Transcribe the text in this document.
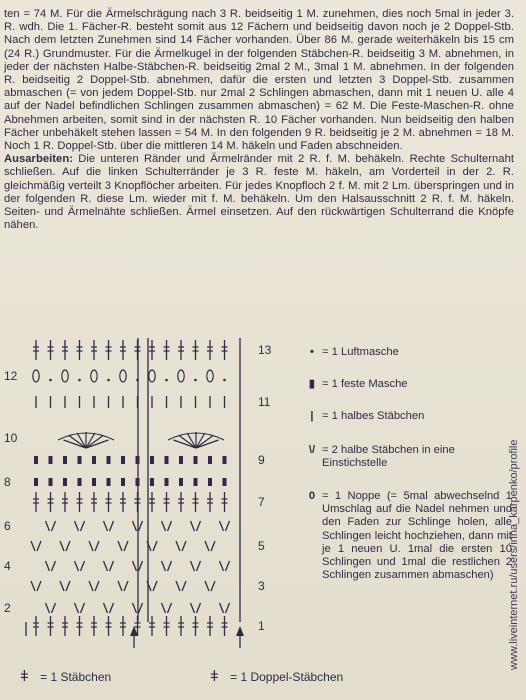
ten = 74 M. Für die Ärmelschrägung nach 3 R. beidseitig 1 M. zunehmen, dies noch 5mal in jeder 3. R. wdh. Die 1. Fächer-R. besteht somit aus 12 Fächern und beidseitig davon noch je 2 Doppel-Stb. Nach dem letzten Zunehmen sind 14 Fächer vorhanden. Über 86 M. gerade weiterhäkeln bis 15 cm (24 R.) Grundmuster. Für die Ärmelkugel in der folgenden Stäbchen-R. beidseitig 3 M. abnehmen, in jeder der nächsten Halbe-Stäbchen-R. beidseitig 2mal 2 M., 3mal 1 M. abnehmen. In der folgenden R. beidseitig 2 Doppel-Stb. abnehmen, dafür die ersten und letzten 3 Doppel-Stb. zusammen abmaschen (= von jedem Doppel-Stb. nur 2mal 2 Schlingen abmaschen, dann mit 1 neuen U. alle 4 auf der Nadel befindlichen Schlingen zusammen abmaschen) = 62 M. Die Feste-Maschen-R. ohne Abnehmen arbeiten, somit sind in der nächsten R. 10 Fächer vorhanden. Nun beidseitig den halben Fächer unbehäkelt stehen lassen = 54 M. In den folgenden 9 R. beidseitig je 2 M. abnehmen = 18 M. Noch 1 R. Doppel-Stb. über die mittleren 14 M. häkeln und Faden abschneiden.

Ausarbeiten: Die unteren Ränder und Ärmelränder mit 2 R. f. M. behäkeln. Rechte Schulternaht schließen. Auf die linken Schulterränder je 3 R. feste M. häkeln, am Vorderteil in der 2. R. gleichmäßig verteilt 3 Knopflöcher arbeiten. Für jedes Knopfloch 2 f. M. mit 2 Lm. überspringen und in der folgenden R. diese Lm. wieder mit f. M. behäkeln. Um den Halsausschnitt 2 R. f. M. häkeln. Seiten- und Ärmelnähte schließen. Ärmel einsetzen. Auf den rückwärtigen Schulterrand die Knöpfe nähen.

2
4
6
8
10
12
1
3
5
7
9
11
13	• = 1 Luftmasche
▮ = 1 feste Masche
| = 1 halbes Stäbchen
\/ = 2 halbe Stäbchen in eine Einstichstelle
0 = 1 Noppe (= 5mal abwechselnd 1 Umschlag auf die Nadel nehmen und den Faden zur Schlinge holen, alle Schlingen leicht hochziehen, dann mit je 1 neuen U. 1mal die ersten 10 Schlingen und 1mal die restlichen 2 Schlingen zusammen abmaschen)
ǂ = 1 Stäbchen	ǂ = 1 Doppel-Stäbchen
www.liveinternet.ru/users/irina_karpenko/profile
